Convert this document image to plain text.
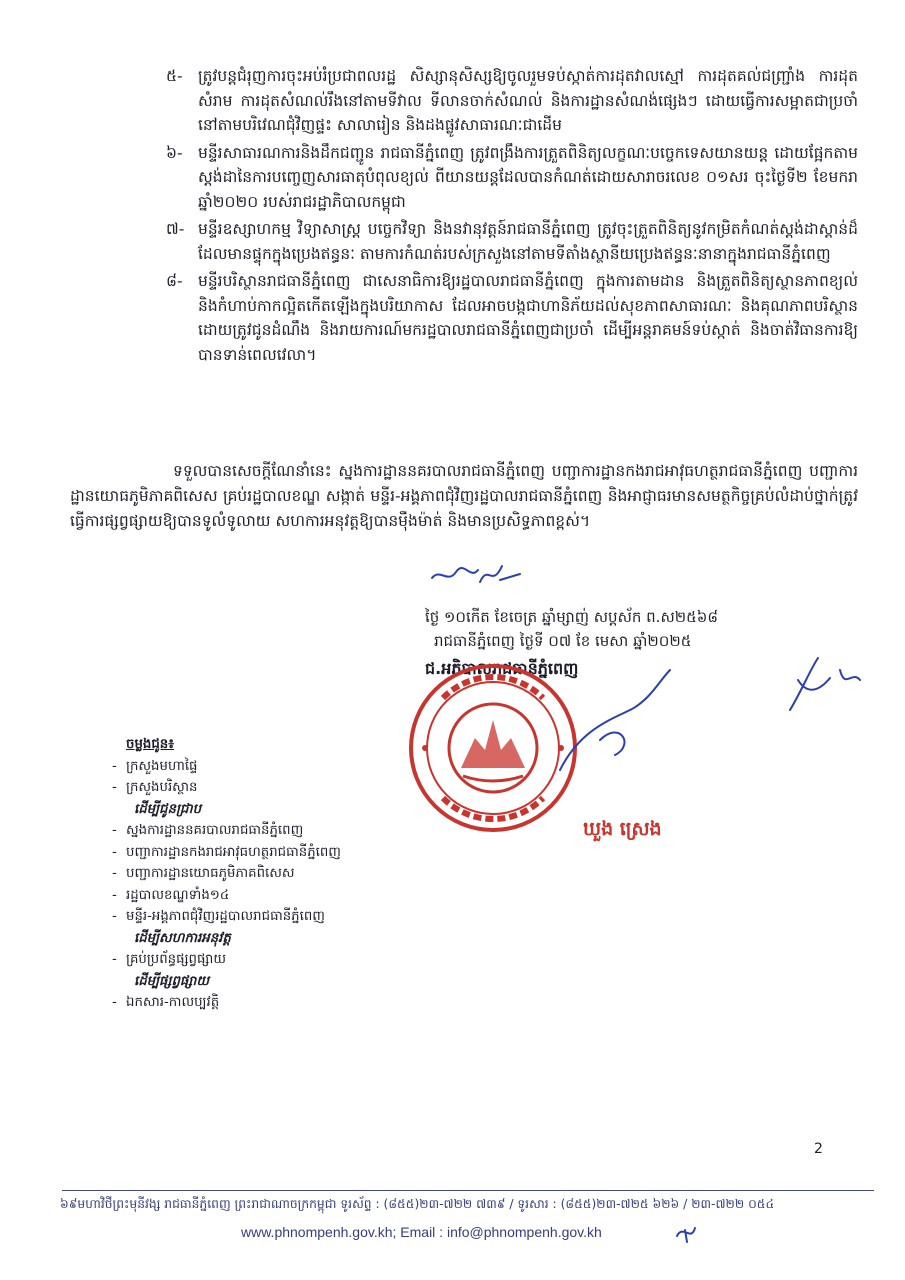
៥- ត្រូវបន្តជំរុញការចុះអប់រំប្រជាពលរដ្ឋ សិស្សានុសិស្សឱ្យចូលរួមទប់ស្កាត់ការដុតវាលស្មៅ ការដុតគល់ជញ្ជ្រាំង ការដុតសំរាម ការដុតសំណល់រឹងនៅតាមទីវាល ទីលានចាក់សំណល់ និងការដ្ឋានសំណង់ផ្សេងៗ ដោយធ្វើការសម្អាតជាប្រចាំនៅតាមបរិវេណជុំវិញផ្ទះ សាលារៀន និងដងផ្លូវសាធារណៈជាដើម
៦- មន្ទីរសាធារណការនិងដឹកជញ្ជូន រាជធានីភ្នំពេញ ត្រូវពង្រឹងការត្រួតពិនិត្យលក្ខណៈបច្ចេកទេសយានយន្ត ដោយផ្អែកតាមស្តង់ដានៃការបញ្ចេញសារធាតុបំពុលខ្យល់ ពីយានយន្តដែលបានកំណត់ដោយសារាចរលេខ ០១សរ ចុះថ្ងៃទី២ ខែមករា ឆ្នាំ២០២០ របស់រាជរដ្ឋាភិបាលកម្ពុជា
៧- មន្ទីរឧស្សាហកម្ម វិទ្យាសាស្ត្រ បច្ចេកវិទ្យា និងនវានុវត្តន៍រាជធានីភ្នំពេញ ត្រូវចុះត្រួតពិនិត្យនូវកម្រិតកំណត់ស្តង់ដាស្តាន់ដ៏ដែលមានផ្ទុកក្នុងប្រេងឥន្ធនៈ តាមការកំណត់របស់ក្រសួងនៅតាមទីតាំងស្ថានីយប្រេងឥន្ធនៈនានាក្នុងរាជធានីភ្នំពេញ
៨- មន្ទីរបរិស្ថានរាជធានីភ្នំពេញ ជាសេនាធិការឱ្យរដ្ឋបាលរាជធានីភ្នំពេញ ក្នុងការតាមដាន និងត្រួតពិនិត្យស្ថានភាពខ្យល់ និងកំហាប់កាកល្អិតកើតឡើងក្នុងបរិយាកាស ដែលអាចបង្កជាហានិភ័យដល់សុខភាពសាធារណៈ និងគុណភាពបរិស្ថាន ដោយត្រូវជូនដំណឹង និងរាយការណ៍មករដ្ឋបាលរាជធានីភ្នំពេញជាប្រចាំ ដើម្បីអន្តរាគមន៍ទប់ស្កាត់ និងចាត់វិធានការឱ្យបានទាន់ពេលវេលា។
ទទួលបានសេចក្តីណែនាំនេះ ស្នងការដ្ឋាននគរបាលរាជធានីភ្នំពេញ បញ្ជាការដ្ឋានកងរាជអាវុធហត្ថរាជធានីភ្នំពេញ បញ្ជាការដ្ឋានយោធភូមិភាគពិសេស គ្រប់រដ្ឋបាលខណ្ឌ សង្កាត់ មន្ទីរ-អង្គភាពជុំវិញរដ្ឋបាលរាជធានីភ្នំពេញ និងអាជ្ញាធរមានសមត្ថកិច្ចគ្រប់លំដាប់ថ្នាក់ត្រូវធ្វើការផ្សព្វផ្សាយឱ្យបានទូលំទូលាយ សហការអនុវត្តឱ្យបានម៉ឺងម៉ាត់ និងមានប្រសិទ្ធភាពខ្ពស់។
ថ្ងៃ ១០កើត ខែចេត្រ ឆ្នាំម្សាញ់ សប្តស័ក ព.ស២៥៦៨
រាជធានីភ្នំពេញ ថ្ងៃទី ០៧ ខែ មេសា ឆ្នាំ២០២៥
ជ.អភិបាលរាជធានីភ្នំពេញ
ឃួង ស្រេង
ចម្លងជូន៖
- ក្រសួងមហាផ្ទៃ
- ក្រសួងបរិស្ថាន
ដើម្បីជូនជ្រាប
- ស្នងការដ្ឋាននគរបាលរាជធានីភ្នំពេញ
- បញ្ជាការដ្ឋានកងរាជអាវុធហត្ថរាជធានីភ្នំពេញ
- បញ្ជាការដ្ឋានយោធភូមិភាគពិសេស
- រដ្ឋបាលខណ្ឌទាំង១៤
- មន្ទីរ-អង្គភាពជុំវិញរដ្ឋបាលរាជធានីភ្នំពេញ
ដើម្បីសហការអនុវត្ត
- គ្រប់ប្រព័ន្ធផ្សព្វផ្សាយ
ដើម្បីផ្សព្វផ្សាយ
- ឯកសារ-កាលប្បវត្តិ
2
៦៩មហាវិថីព្រះមុនីវង្ស រាជធានីភ្នំពេញ ព្រះរាជាណាចក្រកម្ពុជា ទូរស័ព្ទ : (៨៥៥)២៣-៧២២ ៧៣៩ / ទូរសារ : (៨៥៥)២៣-៧២៥ ៦២៦ / ២៣-៧២២ ០៥៤
www.phnompenh.gov.kh; Email : info@phnompenh.gov.kh
